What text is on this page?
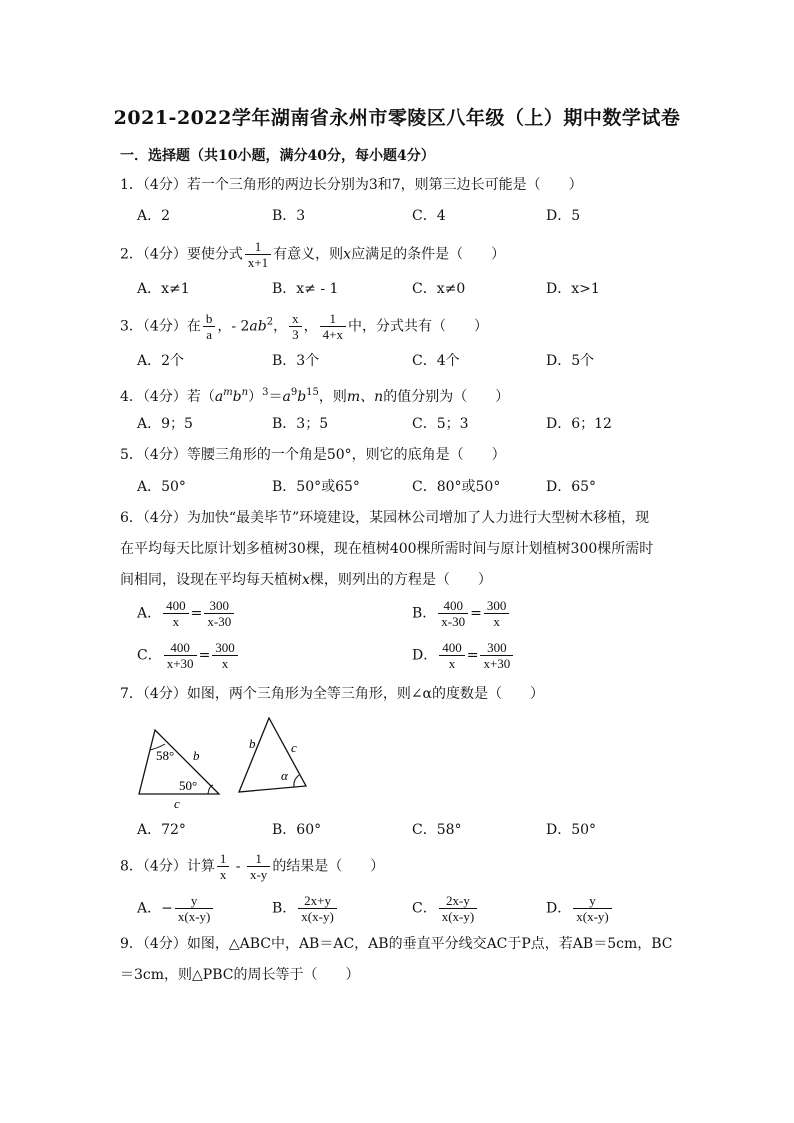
2021-2022学年湖南省永州市零陵区八年级（上）期中数学试卷
一．选择题（共10小题，满分40分，每小题4分）
1．（4分）若一个三角形的两边长分别为3和7，则第三边长可能是（　　）
A．2	B．3	C．4	D．5
2．（4分）要使分式 $\frac{1}{x+1}$ 有意义，则x应满足的条件是（　　）
A．x≠1	B．x≠ - 1	C．x≠0	D．x>1
3．（4分）在 $\frac{b}{a}$ ，- $2ab^2$， $\frac{x}{3}$ ， $\frac{1}{4+x}$ 中，分式共有（　　）
A．2个	B．3个	C．4个	D．5个
4．（4分）若$(a^mb^n)^3=a^9b^{15}$，则m、n的值分别为（　　）
A．9；5	B．3；5	C．5；3	D．6；12
5．（4分）等腰三角形的一个角是50°，则它的底角是（　　）
A．50°	B．50°或65°	C．80°或50°	D．65°
6．（4分）为加快“最美毕节”环境建设，某园林公司增加了人力进行大型树木移植，现
在平均每天比原计划多植树30棵，现在植树400棵所需时间与原计划植树300棵所需时
间相同，设现在平均每天植树x棵，则列出的方程是（　　）
A． $\frac{400}{x} = \frac{300}{x-30}$	B． $\frac{400}{x-30} = \frac{300}{x}$
C． $\frac{400}{x+30} = \frac{300}{x}$	D． $\frac{400}{x} = \frac{300}{x+30}$
7．（4分）如图，两个三角形为全等三角形，则∠α的度数是（　　）
58° b
50°
c
b	c
α
A．72°	B．60°	C．58°	D．50°
8．（4分）计算 $\frac{1}{x} - \frac{1}{x-y}$ 的结果是（　　）
A．− $\frac{y}{x(x-y)}$	B． $\frac{2x+y}{x(x-y)}$	C． $\frac{2x-y}{x(x-y)}$	D． $\frac{y}{x(x-y)}$
9．（4分）如图，△ABC中，AB＝AC，AB的垂直平分线交AC于P点，若AB＝5cm，BC
＝3cm，则△PBC的周长等于（　　）
